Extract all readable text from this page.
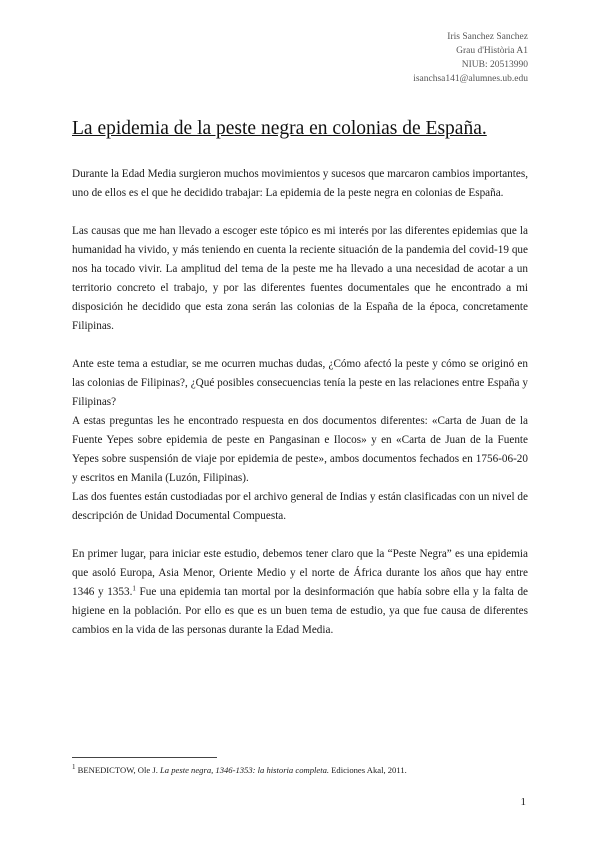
Iris Sanchez Sanchez
Grau d'Història A1
NIUB: 20513990
isanchsa141@alumnes.ub.edu
La epidemia de la peste negra en colonias de España.

Durante la Edad Media surgieron muchos movimientos y sucesos que marcaron cambios importantes, uno de ellos es el que he decidido trabajar: La epidemia de la peste negra en colonias de España.

Las causas que me han llevado a escoger este tópico es mi interés por las diferentes epidemias que la humanidad ha vivido, y más teniendo en cuenta la reciente situación de la pandemia del covid-19 que nos ha tocado vivir. La amplitud del tema de la peste me ha llevado a una necesidad de acotar a un territorio concreto el trabajo, y por las diferentes fuentes documentales que he encontrado a mi disposición he decidido que esta zona serán las colonias de la España de la época, concretamente Filipinas.

Ante este tema a estudiar, se me ocurren muchas dudas, ¿Cómo afectó la peste y cómo se originó en las colonias de Filipinas?, ¿Qué posibles consecuencias tenía la peste en las relaciones entre España y Filipinas?

A estas preguntas les he encontrado respuesta en dos documentos diferentes: «Carta de Juan de la Fuente Yepes sobre epidemia de peste en Pangasinan e Ilocos» y en «Carta de Juan de la Fuente Yepes sobre suspensión de viaje por epidemia de peste», ambos documentos fechados en 1756-06-20 y escritos en Manila (Luzón, Filipinas).

Las dos fuentes están custodiadas por el archivo general de Indias y están clasificadas con un nivel de descripción de Unidad Documental Compuesta.

En primer lugar, para iniciar este estudio, debemos tener claro que la “Peste Negra” es una epidemia que asoló Europa, Asia Menor, Oriente Medio y el norte de África durante los años que hay entre 1346 y 1353.$^1$ Fue una epidemia tan mortal por la desinformación que había sobre ella y la falta de higiene en la población. Por ello es que es un buen tema de estudio, ya que fue causa de diferentes cambios en la vida de las personas durante la Edad Media.

$^1$ BENEDICTOW, Ole J. La peste negra, 1346-1353: la historia completa. Ediciones Akal, 2011.
1
